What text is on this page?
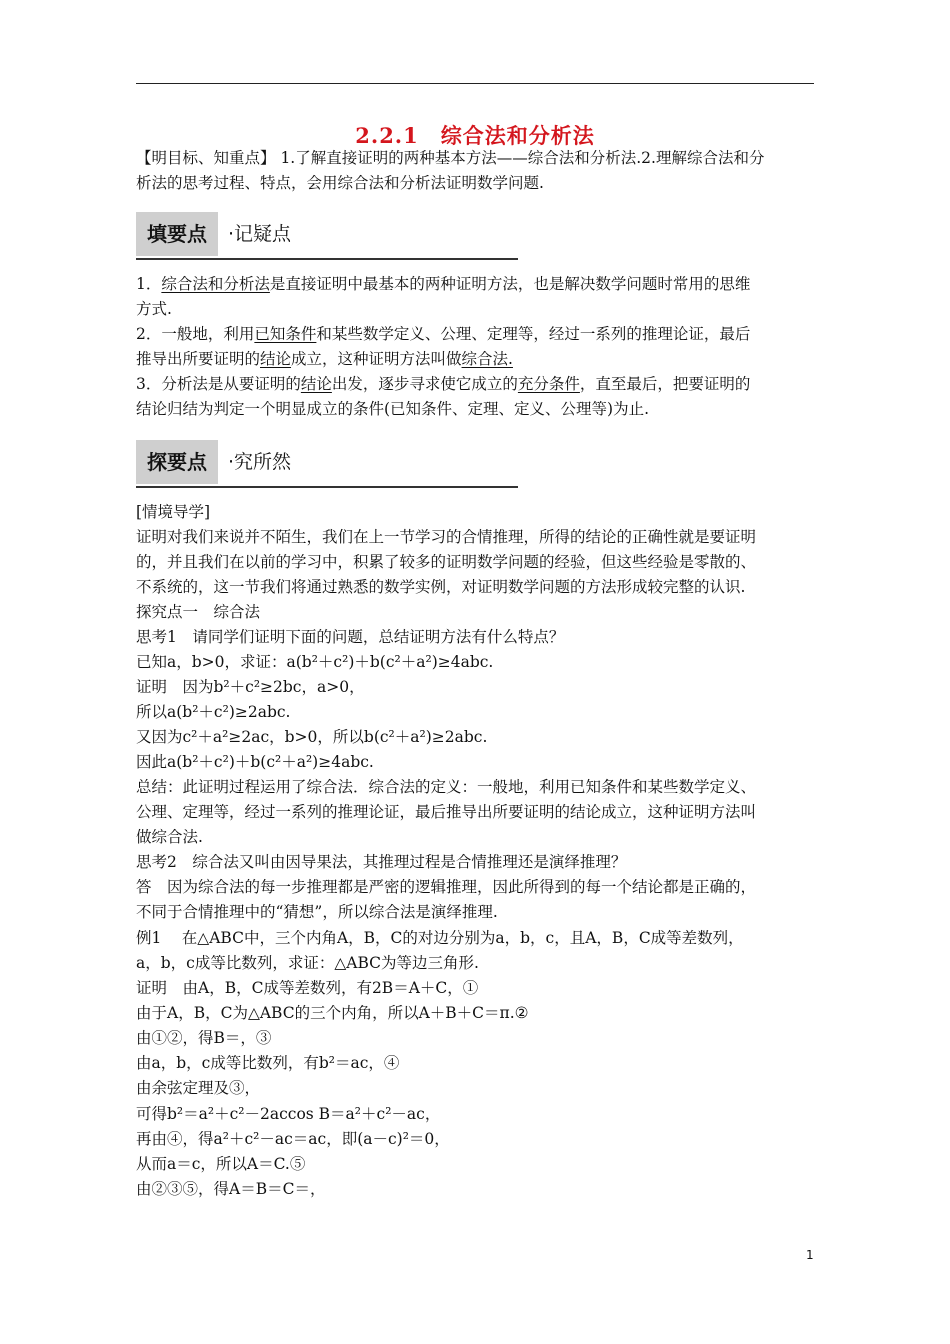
2.2.1　综合法和分析法
【明目标、知重点】 1.了解直接证明的两种基本方法——综合法和分析法.2.理解综合法和分
析法的思考过程、特点，会用综合法和分析法证明数学问题.
填要点	·记疑点
1．综合法和分析法是直接证明中最基本的两种证明方法，也是解决数学问题时常用的思维
方式.
2．一般地，利用已知条件和某些数学定义、公理、定理等，经过一系列的推理论证，最后
推导出所要证明的结论成立，这种证明方法叫做综合法.
3．分析法是从要证明的结论出发，逐步寻求使它成立的充分条件，直至最后，把要证明的
结论归结为判定一个明显成立的条件(已知条件、定理、定义、公理等)为止.
探要点	·究所然
[情境导学]
证明对我们来说并不陌生，我们在上一节学习的合情推理，所得的结论的正确性就是要证明
的，并且我们在以前的学习中，积累了较多的证明数学问题的经验，但这些经验是零散的、
不系统的，这一节我们将通过熟悉的数学实例，对证明数学问题的方法形成较完整的认识.
探究点一　综合法
思考1　请同学们证明下面的问题，总结证明方法有什么特点？
已知a，b>0，求证：a(b²＋c²)＋b(c²＋a²)≥4abc.
证明　因为b²＋c²≥2bc，a>0，
所以a(b²＋c²)≥2abc.
又因为c²＋a²≥2ac，b>0，所以b(c²＋a²)≥2abc.
因此a(b²＋c²)＋b(c²＋a²)≥4abc.
总结：此证明过程运用了综合法．综合法的定义：一般地，利用已知条件和某些数学定义、
公理、定理等，经过一系列的推理论证，最后推导出所要证明的结论成立，这种证明方法叫
做综合法.
思考2　综合法又叫由因导果法，其推理过程是合情推理还是演绎推理？
答　因为综合法的每一步推理都是严密的逻辑推理，因此所得到的每一个结论都是正确的，
不同于合情推理中的“猜想”，所以综合法是演绎推理.
例1　 在△ABC中，三个内角A，B，C的对边分别为a，b，c，且A，B，C成等差数列，
a，b，c成等比数列，求证：△ABC为等边三角形.
证明　由A，B，C成等差数列，有2B＝A＋C，①
由于A，B，C为△ABC的三个内角，所以A＋B＋C＝π.②
由①②，得B＝，③
由a，b，c成等比数列，有b²＝ac，④
由余弦定理及③，
可得b²＝a²＋c²－2accos B＝a²＋c²－ac，
再由④，得a²＋c²－ac＝ac，即(a－c)²＝0，
从而a＝c，所以A＝C.⑤
由②③⑤，得A＝B＝C＝，
1
